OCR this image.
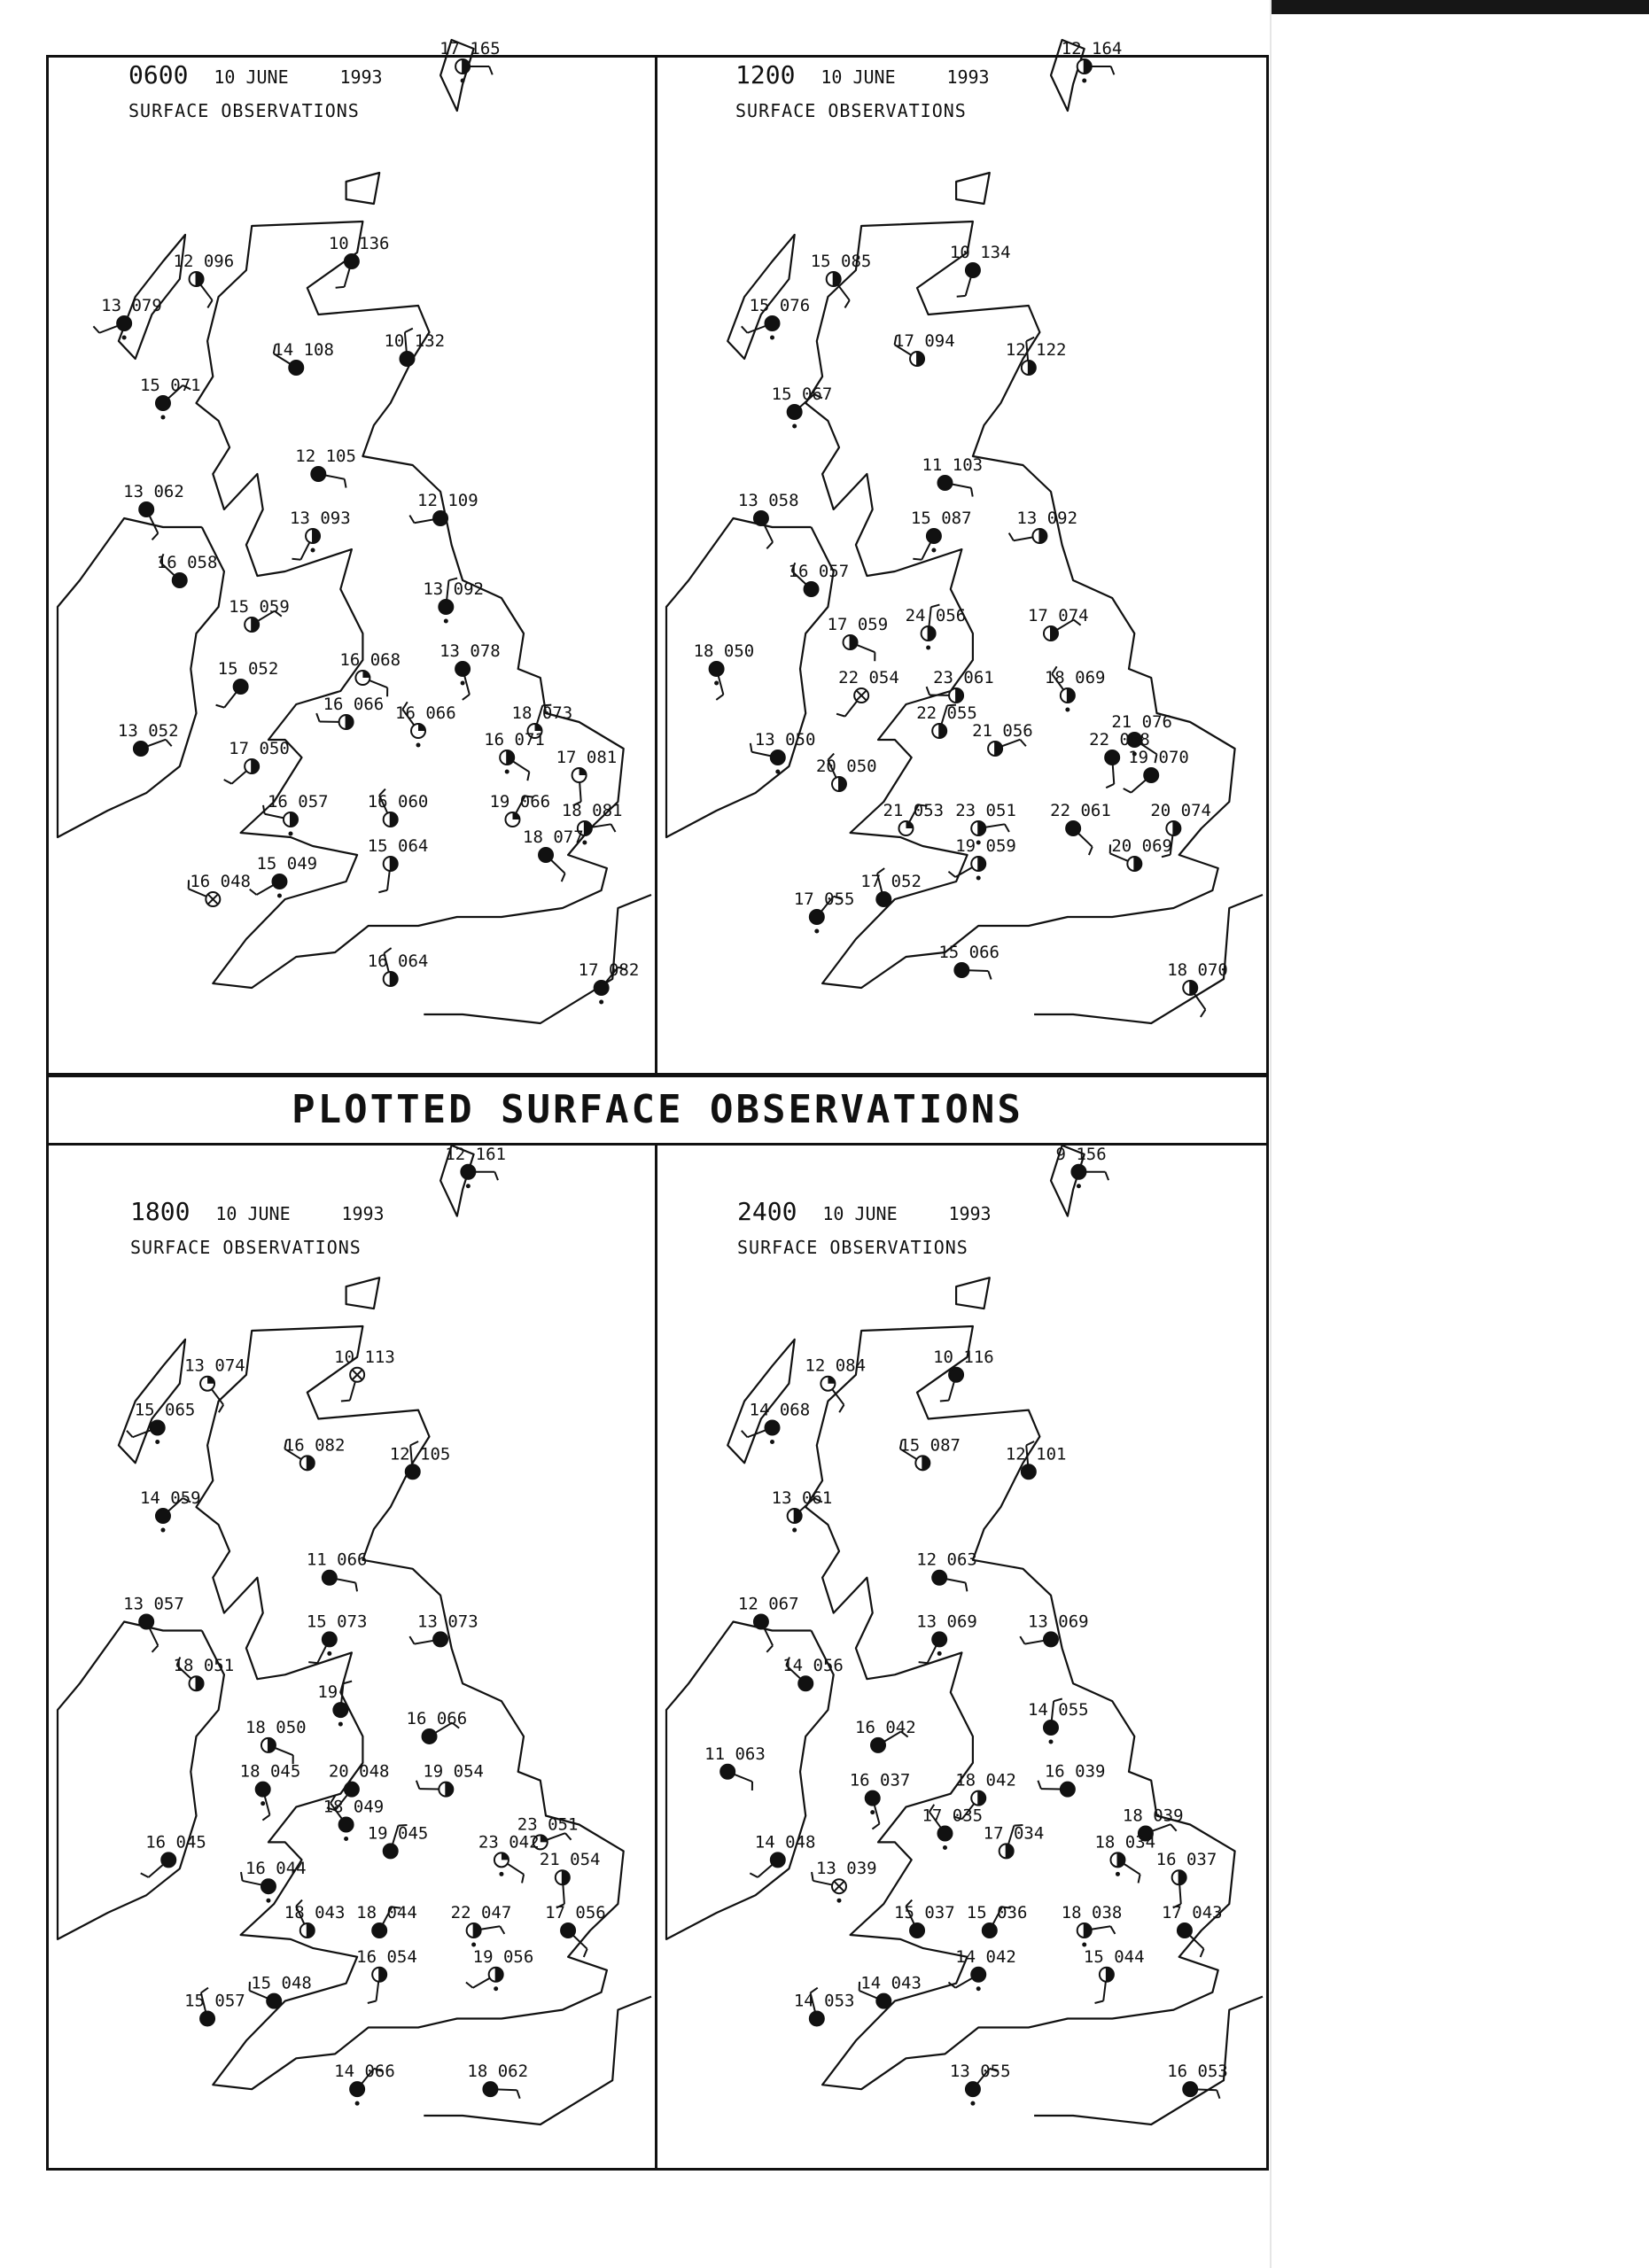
17 165
12 096
10 136
13 079
14 108	10 132
15 071
12 105
13 062
13 093
12 109
16 058
13 092
15 059
16 068 13 078
15 052
16 066 16 066	18 073
13 052	16 071
17 081
17 050
16 057 16 060	19 066 18 081
18 077
15 064
15 049
16 048
16 064	17 082
0600 10 JUNE	1993
SURFACE OBSERVATIONS
12 164
15 085	10 134
15 076
17 094	12 122
15 067
11 103
13 058
15 087	13 092
16 057
24 056	17 074
17 059
18 050
22 054 23 061	18 069
22 055
21 056	21 076
22 068
19 070
13 050
20 050
21 053 23 051 22 061 20 074
19 059	20 069
17 052
17 055
15 066
18 070
1200 10 JUNE	1993
SURFACE OBSERVATIONS
PLOTTED SURFACE OBSERVATIONS
12 161
13 074	10 113
15 065
16 082	12 105
14 059
11 066
13 057
15 073	13 073
18 051
19
16 066
18 050
18 045 20 048 19 054
18 049
19 045	23 051
23 042
21 054
16 045
16 044
18 043 18 044 22 047 17 056
16 054	19 056
15 048
15 057
14 066	18 062
1800 10 JUNE	1993
SURFACE OBSERVATIONS
9 156
12 084	10 116
14 068
15 087	12 101
13 061
12 063
12 067
13 069	13 069
14 056
14 055
16 042
11 063
16 037	18 042 16 039
17 035
17 034
18 039
18 034
16 037
14 048
13 039
15 037 15 036 18 038 17 043
15 044
14 042
14 043
14 053
13 055	16 053
2400 10 JUNE	1993
SURFACE OBSERVATIONS
